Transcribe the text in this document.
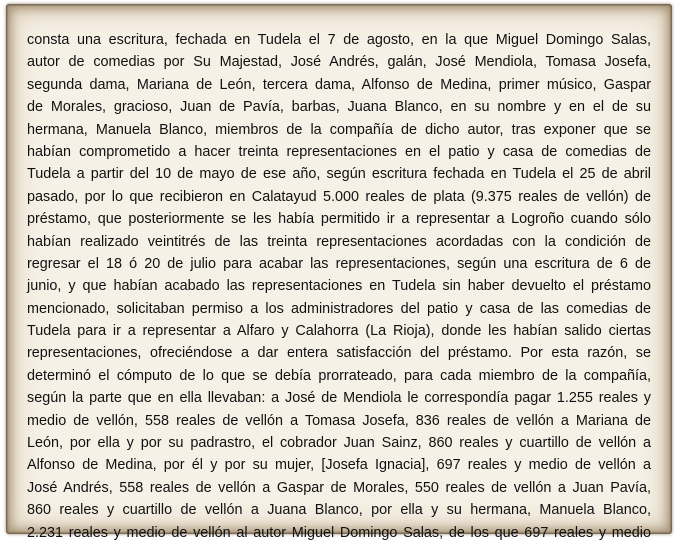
consta una escritura, fechada en Tudela el 7 de agosto, en la que Miguel Domingo Salas,
autor de comedias por Su Majestad, José Andrés, galán, José Mendiola, Tomasa Josefa,
segunda dama, Mariana de León, tercera dama, Alfonso de Medina, primer músico, Gaspar
de Morales, gracioso, Juan de Pavía, barbas, Juana Blanco, en su nombre y en el de su
hermana, Manuela Blanco, miembros de la compañía de dicho autor, tras exponer que se
habían comprometido a hacer treinta representaciones en el patio y casa de comedias de
Tudela a partir del 10 de mayo de ese año, según escritura fechada en Tudela el 25 de abril
pasado, por lo que recibieron en Calatayud 5.000 reales de plata (9.375 reales de vellón) de
préstamo, que posteriormente se les había permitido ir a representar a Logroño cuando sólo
habían realizado veintitrés de las treinta representaciones acordadas con la condición de
regresar el 18 ó 20 de julio para acabar las representaciones, según una escritura de 6 de
junio, y que habían acabado las representaciones en Tudela sin haber devuelto el préstamo
mencionado, solicitaban permiso a los administradores del patio y casa de las comedias de
Tudela para ir a representar a Alfaro y Calahorra (La Rioja), donde les habían salido ciertas
representaciones, ofreciéndose a dar entera satisfacción del préstamo. Por esta razón, se
determinó el cómputo de lo que se debía prorrateado, para cada miembro de la compañía,
según la parte que en ella llevaban: a José de Mendiola le correspondía pagar 1.255 reales y
medio de vellón, 558 reales de vellón a Tomasa Josefa, 836 reales de vellón a Mariana de
León, por ella y por su padrastro, el cobrador Juan Sainz, 860 reales y cuartillo de vellón a
Alfonso de Medina, por él y por su mujer, [Josefa Ignacia], 697 reales y medio de vellón a
José Andrés, 558 reales de vellón a Gaspar de Morales, 550 reales de vellón a Juan Pavía,
860 reales y cuartillo de vellón a Juana Blanco, por ella y su hermana, Manuela Blanco,
2.231 reales y medio de vellón al autor Miguel Domingo Salas, de los que 697 reales y medio
